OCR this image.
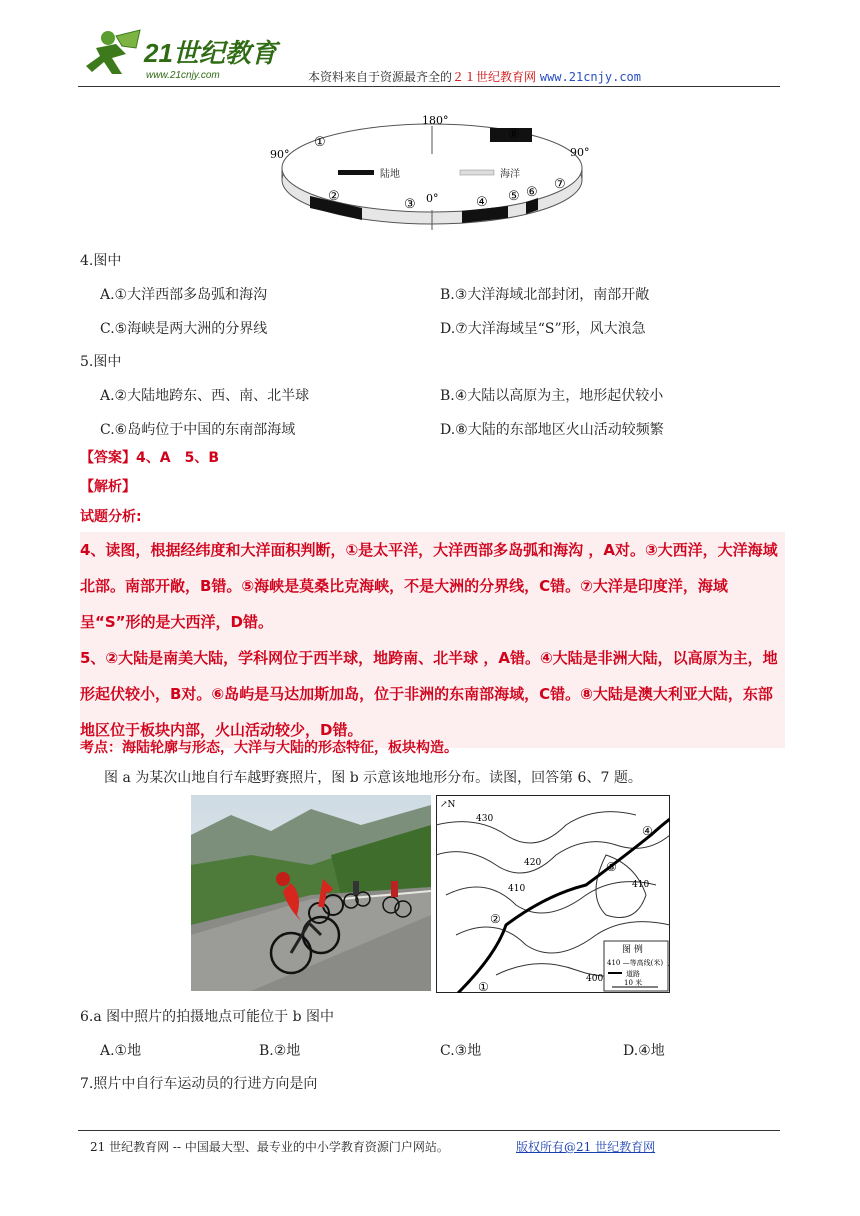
21世纪教育
www.21cnjy.com	本资料来自于资源最齐全的２１世纪教育网 www.21cnjy.com
陆地	海洋
180°
0°
90°	90°
①
②
③	④ ⑤ ⑥
⑦
⑧
4.图中
A.①大洋西部多岛弧和海沟	B.③大洋海域北部封闭，南部开敞
C.⑤海峡是两大洲的分界线	D.⑦大洋海域呈“S”形，风大浪急
5.图中
A.②大陆地跨东、西、南、北半球	B.④大陆以高原为主，地形起伏较小
C.⑥岛屿位于中国的东南部海域	D.⑧大陆的东部地区火山活动较频繁
【答案】4、A　5、B
【解析】
试题分析:

4、读图，根据经纬度和大洋面积判断，①是太平洋，大洋西部多岛弧和海沟 ，A对。③大西洋，大洋海域北部。南部开敞，B错。⑤海峡是莫桑比克海峡，不是大洲的分界线，C错。⑦大洋是印度洋，海域呈“S”形的是大西洋，D错。

5、②大陆是南美大陆，学科网位于西半球，地跨南、北半球 ，A错。④大陆是非洲大陆，以高原为主，地形起伏较小，B对。⑥岛屿是马达加斯加岛，位于非洲的东南部海域，C错。⑧大陆是澳大利亚大陆，东部地区位于板块内部，火山活动较少，D错。

考点：海陆轮廓与形态，大洋与大陆的形态特征，板块构造。
图 a 为某次山地自行车越野赛照片，图 b 示意该地地形分布。读图，回答第 6、7 题。
↗N
430
420
410	410
400
①
②
③
④
图 例
410 —等高线(米)
道路
10 米
6.a 图中照片的拍摄地点可能位于 b 图中
A.①地	B.②地	C.③地	D.④地
7.照片中自行车运动员的行进方向是向
21 世纪教育网 -- 中国最大型、最专业的中小学教育资源门户网站。	版权所有@21 世纪教育网
